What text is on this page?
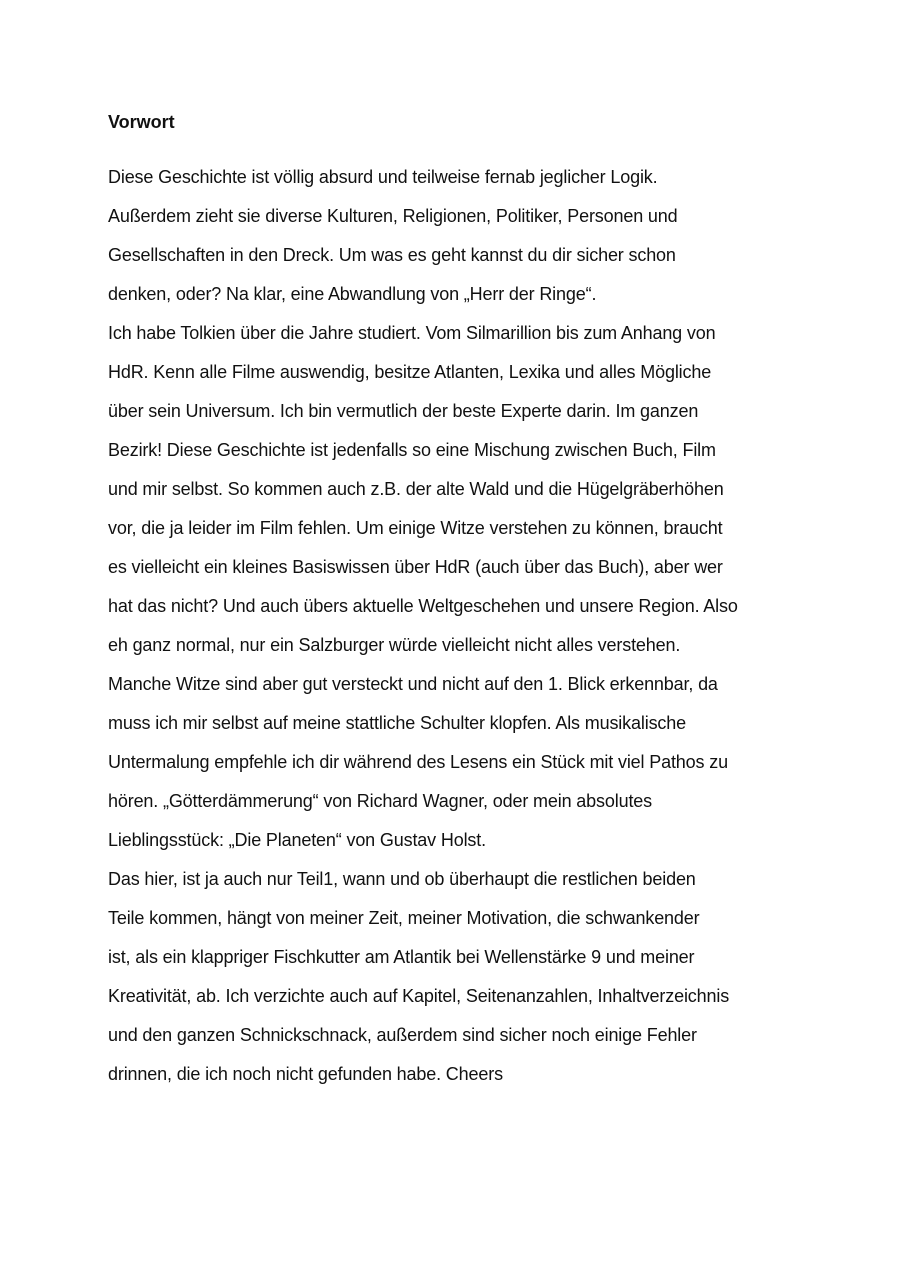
Vorwort
Diese Geschichte ist völlig absurd und teilweise fernab jeglicher Logik.
Außerdem zieht sie diverse Kulturen, Religionen, Politiker, Personen und
Gesellschaften in den Dreck. Um was es geht kannst du dir sicher schon
denken, oder? Na klar, eine Abwandlung von „Herr der Ringe“.
Ich habe Tolkien über die Jahre studiert. Vom Silmarillion bis zum Anhang von
HdR. Kenn alle Filme auswendig, besitze Atlanten, Lexika und alles Mögliche
über sein Universum. Ich bin vermutlich der beste Experte darin. Im ganzen
Bezirk! Diese Geschichte ist jedenfalls so eine Mischung zwischen Buch, Film
und mir selbst. So kommen auch z.B. der alte Wald und die Hügelgräberhöhen
vor, die ja leider im Film fehlen. Um einige Witze verstehen zu können, braucht
es vielleicht ein kleines Basiswissen über HdR (auch über das Buch), aber wer
hat das nicht? Und auch übers aktuelle Weltgeschehen und unsere Region. Also
eh ganz normal, nur ein Salzburger würde vielleicht nicht alles verstehen.
Manche Witze sind aber gut versteckt und nicht auf den 1. Blick erkennbar, da
muss ich mir selbst auf meine stattliche Schulter klopfen. Als musikalische
Untermalung empfehle ich dir während des Lesens ein Stück mit viel Pathos zu
hören. „Götterdämmerung“ von Richard Wagner, oder mein absolutes
Lieblingsstück: „Die Planeten“ von Gustav Holst.
Das hier, ist ja auch nur Teil1, wann und ob überhaupt die restlichen beiden
Teile kommen, hängt von meiner Zeit, meiner Motivation, die schwankender
ist, als ein klappriger Fischkutter am Atlantik bei Wellenstärke 9 und meiner
Kreativität, ab. Ich verzichte auch auf Kapitel, Seitenanzahlen, Inhaltverzeichnis
und den ganzen Schnickschnack, außerdem sind sicher noch einige Fehler
drinnen, die ich noch nicht gefunden habe. Cheers
